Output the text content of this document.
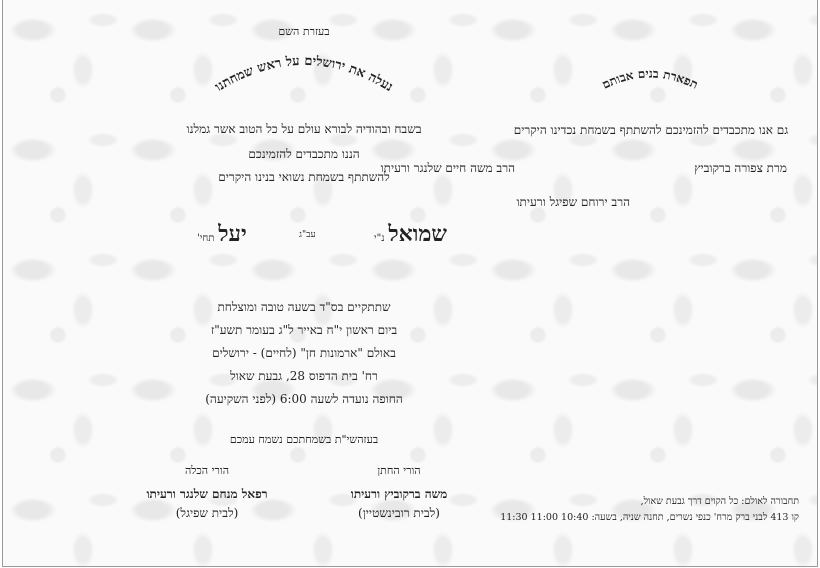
בעזרת השם
נעלה את ירושלים על ראש שמחתנו
בשבח ובהודיה לבורא עולם על כל הטוב אשר גמלנו
הננו מתכבדים להזמינכם
להשתתף בשמחת נשואי בנינו היקרים
שמואל נ"י
עב"ג
יעל תחי'
שתתקיים בס"ד בשעה טובה ומוצלחת
ביום ראשון י"ח באייר ל"ג בעומר תשע"ז
באולם "ארמונות חן" (לחיים) - ירושלים
רח' בית הדפוס 28, גבעת שאול
החופה נועדה לשעה 6:00 (לפני השקיעה)
בעזהשי"ת בשמחתכם נשמח עמכם
הורי החתן
משה ברקוביץ ורעיתו
(לבית רובינשטיין)
הורי הכלה
רפאל מנחם שלנגר ורעיתו
(לבית שפיגל)
תפארת בנים אבותם
גם אנו מתכבדים להזמינכם להשתתף בשמחת נכדינו היקרים
מרת צפורה ברקוביץ
הרב משה חיים שלנגר ורעיתו
הרב ירוחם שפיגל ורעיתו
תחבורה לאולם: כל הקוים דרך גבעת שאול,
קו 413 לבני ברק מרח' כנפי נשרים, תחנה שניה, בשעה: 10:40 11:00 11:30
